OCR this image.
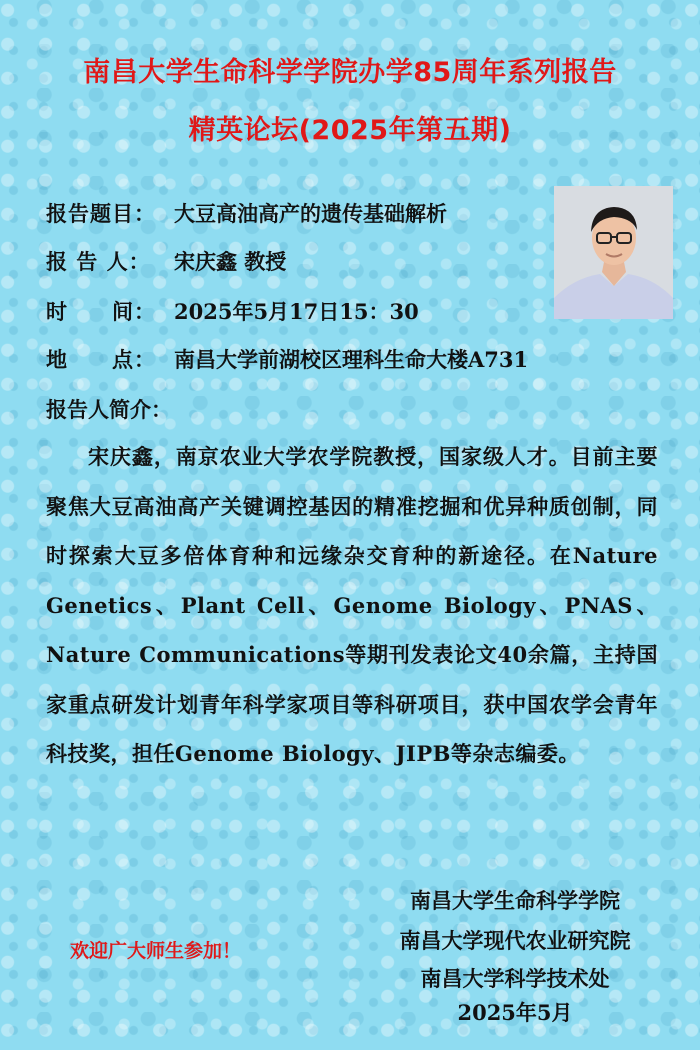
南昌大学生命科学学院办学85周年系列报告
精英论坛(2025年第五期)
报告题目： 大豆高油高产的遗传基础解析
报 告 人： 宋庆鑫 教授
时　　间： 2025年5月17日15：30
地　　点： 南昌大学前湖校区理科生命大楼A731
报告人简介：
宋庆鑫，南京农业大学农学院教授，国家级人才。目前主要聚焦大豆高油高产关键调控基因的精准挖掘和优异种质创制，同时探索大豆多倍体育种和远缘杂交育种的新途径。在Nature Genetics、Plant Cell、Genome Biology、PNAS、Nature Communications等期刊发表论文40余篇，主持国家重点研发计划青年科学家项目等科研项目，获中国农学会青年科技奖，担任Genome Biology、JIPB等杂志编委。
欢迎广大师生参加！
南昌大学生命科学学院
南昌大学现代农业研究院
南昌大学科学技术处
2025年5月
